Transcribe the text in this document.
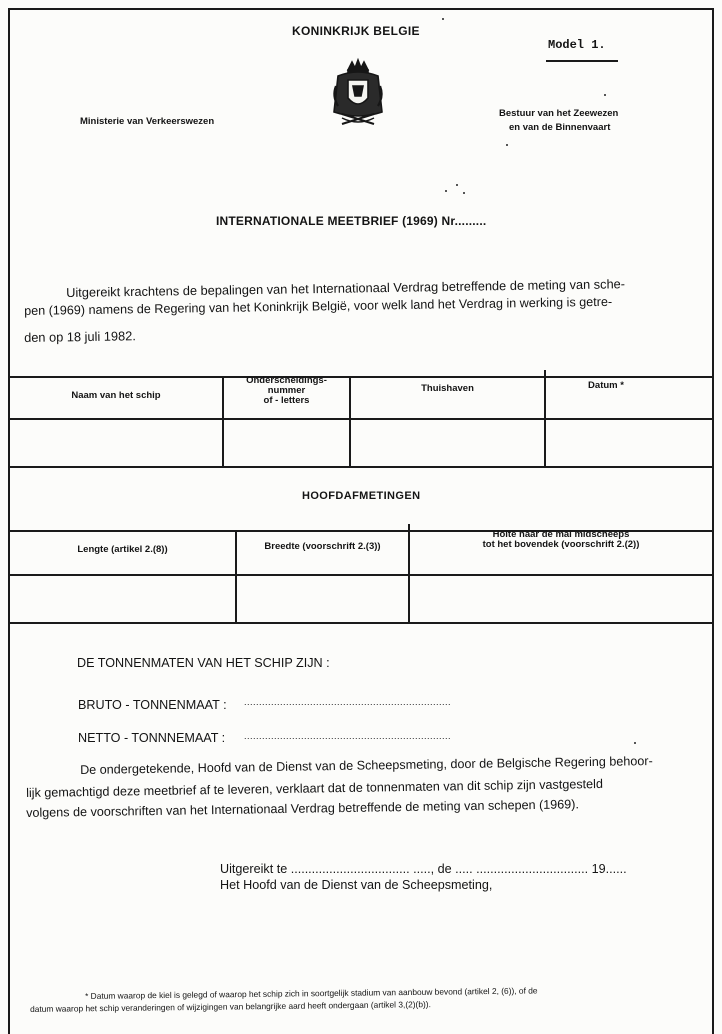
KONINKRIJK BELGIE
Model 1.
Ministerie van Verkeerswezen
Bestuur van het Zeewezen
en van de Binnenvaart
INTERNATIONALE MEETBRIEF (1969) Nr.........
Uitgereikt krachtens de bepalingen van het Internationaal Verdrag betreffende de meting van sche-
pen (1969) namens de Regering van het Koninkrijk België, voor welk land het Verdrag in werking is getre-
den op 18 juli 1982.
Naam van het schip
Onderscheidings-
nummer
of - letters
Thuishaven	Datum *
HOOFDAFMETINGEN
Lengte (artikel 2.(8))	Breedte (voorschrift 2.(3))
Holte naar de mal midscheeps
tot het bovendek (voorschrift 2.(2))
DE TONNENMATEN VAN HET SCHIP ZIJN :
BRUTO - TONNENMAAT : .....................................................................
NETTO - TONNNEMAAT : .....................................................................
De ondergetekende, Hoofd van de Dienst van de Scheepsmeting, door de Belgische Regering behoor-
lijk gemachtigd deze meetbrief af te leveren, verklaart dat de tonnenmaten van dit schip zijn vastgesteld
volgens de voorschriften van het Internationaal Verdrag betreffende de meting van schepen (1969).
Uitgereikt te .................................. ....., de ..... ................................ 19......
Het Hoofd van de Dienst van de Scheepsmeting,
* Datum waarop de kiel is gelegd of waarop het schip zich in soortgelijk stadium van aanbouw bevond (artikel 2, (6)), of de
datum waarop het schip veranderingen of wijzigingen van belangrijke aard heeft ondergaan (artikel 3,(2)(b)).
